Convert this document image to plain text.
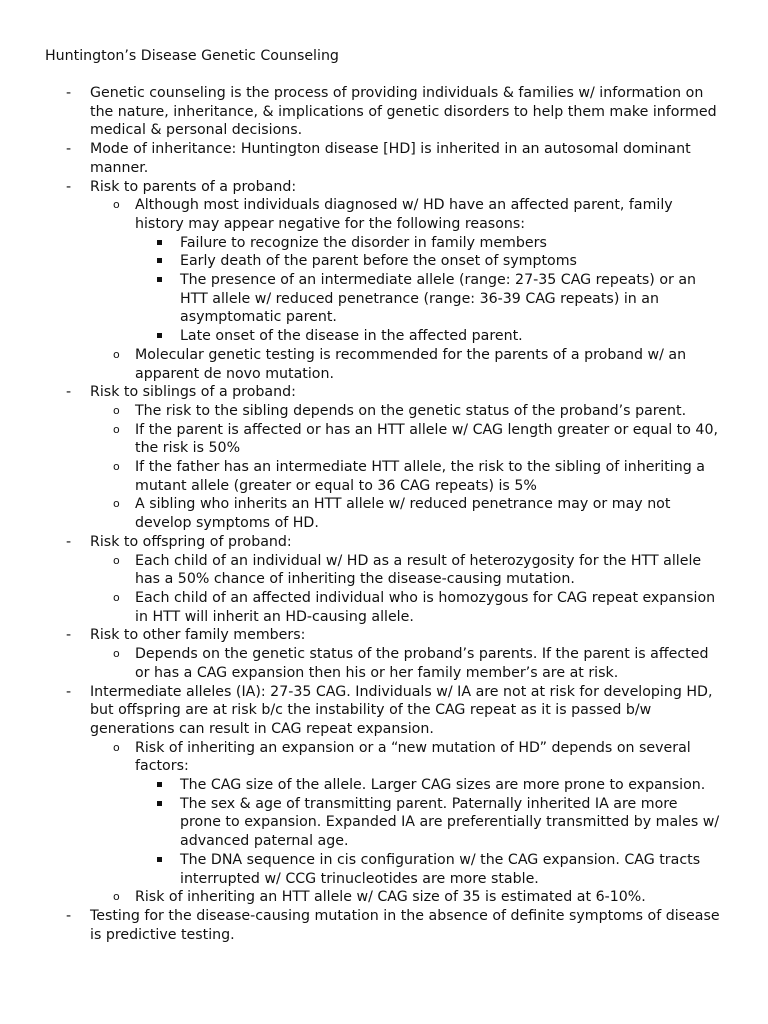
Huntington’s Disease Genetic Counseling
- Genetic counseling is the process of providing individuals & families w/ information on the nature, inheritance, & implications of genetic disorders to help them make informed medical & personal decisions.
- Mode of inheritance: Huntington disease [HD] is inherited in an autosomal dominant manner.
- Risk to parents of a proband:
o Although most individuals diagnosed w/ HD have an affected parent, family history may appear negative for the following reasons:
Failure to recognize the disorder in family members
Early death of the parent before the onset of symptoms
The presence of an intermediate allele (range: 27-35 CAG repeats) or an HTT allele w/ reduced penetrance (range: 36-39 CAG repeats) in an asymptomatic parent.
Late onset of the disease in the affected parent.
o Molecular genetic testing is recommended for the parents of a proband w/ an apparent de novo mutation.
- Risk to siblings of a proband:
o The risk to the sibling depends on the genetic status of the proband’s parent.
o If the parent is affected or has an HTT allele w/ CAG length greater or equal to 40, the risk is 50%
o If the father has an intermediate HTT allele, the risk to the sibling of inheriting a mutant allele (greater or equal to 36 CAG repeats) is 5%
o A sibling who inherits an HTT allele w/ reduced penetrance may or may not develop symptoms of HD.
- Risk to offspring of proband:
o Each child of an individual w/ HD as a result of heterozygosity for the HTT allele has a 50% chance of inheriting the disease-causing mutation.
o Each child of an affected individual who is homozygous for CAG repeat expansion in HTT will inherit an HD-causing allele.
- Risk to other family members:
o Depends on the genetic status of the proband’s parents. If the parent is affected or has a CAG expansion then his or her family member’s are at risk.
- Intermediate alleles (IA): 27-35 CAG. Individuals w/ IA are not at risk for developing HD, but offspring are at risk b/c the instability of the CAG repeat as it is passed b/w generations can result in CAG repeat expansion.
o Risk of inheriting an expansion or a “new mutation of HD” depends on several factors:
The CAG size of the allele. Larger CAG sizes are more prone to expansion.
The sex & age of transmitting parent. Paternally inherited IA are more prone to expansion. Expanded IA are preferentially transmitted by males w/ advanced paternal age.
The DNA sequence in cis configuration w/ the CAG expansion. CAG tracts interrupted w/ CCG trinucleotides are more stable.
o Risk of inheriting an HTT allele w/ CAG size of 35 is estimated at 6-10%.
- Testing for the disease-causing mutation in the absence of definite symptoms of disease is predictive testing.
